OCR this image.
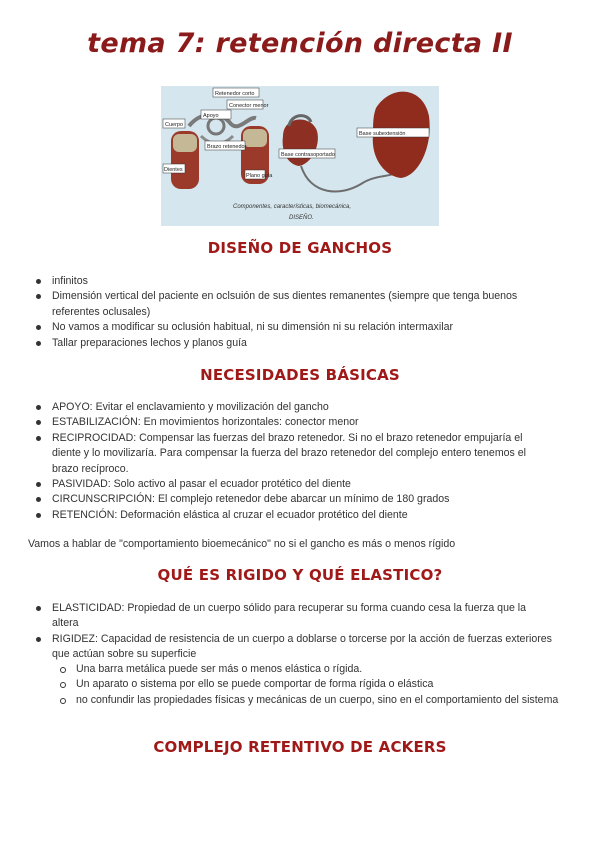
tema 7: retención directa II
Retenedor corto
Conector menor
Apoyo
Cuerpo
Brazo retenedor
Dientes
Plano guía
Base contrasoportado
Base subextensión
Componentes, características, biomecánica,
DISEÑO.
DISEÑO DE GANCHOS
infinitos
Dimensión vertical del paciente en oclsuión de sus dientes remanentes (siempre que tenga buenos referentes oclusales)
No vamos a modificar su oclusión habitual, ni su dimensión ni su relación intermaxilar
Tallar preparaciones lechos y planos guía
NECESIDADES BÁSICAS
APOYO: Evitar el enclavamiento y movilización del gancho
ESTABILIZACIÓN: En movimientos horizontales: conector menor
RECIPROCIDAD: Compensar las fuerzas del brazo retenedor. Si no el brazo retenedor empujaría el diente y lo movilizaría. Para compensar la fuerza del brazo retenedor del complejo entero tenemos el brazo recíproco.
PASIVIDAD: Solo activo al pasar el ecuador protético del diente
CIRCUNSCRIPCIÓN: El complejo retenedor debe abarcar un mínimo de 180 grados
RETENCIÓN: Deformación elástica al cruzar el ecuador protético del diente
Vamos a hablar de "comportamiento bioemecánico" no si el gancho es más o menos rígido
QUÉ ES RIGIDO Y QUÉ ELASTICO?
ELASTICIDAD: Propiedad de un cuerpo sólido para recuperar su forma cuando cesa la fuerza que la altera
RIGIDEZ: Capacidad de resistencia de un cuerpo a doblarse o torcerse por la acción de fuerzas exteriores que actúan sobre su superficie
Una barra metálica puede ser más o menos elástica o rígida.
Un aparato o sistema por ello se puede comportar de forma rígida o elástica
no confundir las propiedades físicas y mecánicas de un cuerpo, sino en el comportamiento del sistema
COMPLEJO RETENTIVO DE ACKERS
